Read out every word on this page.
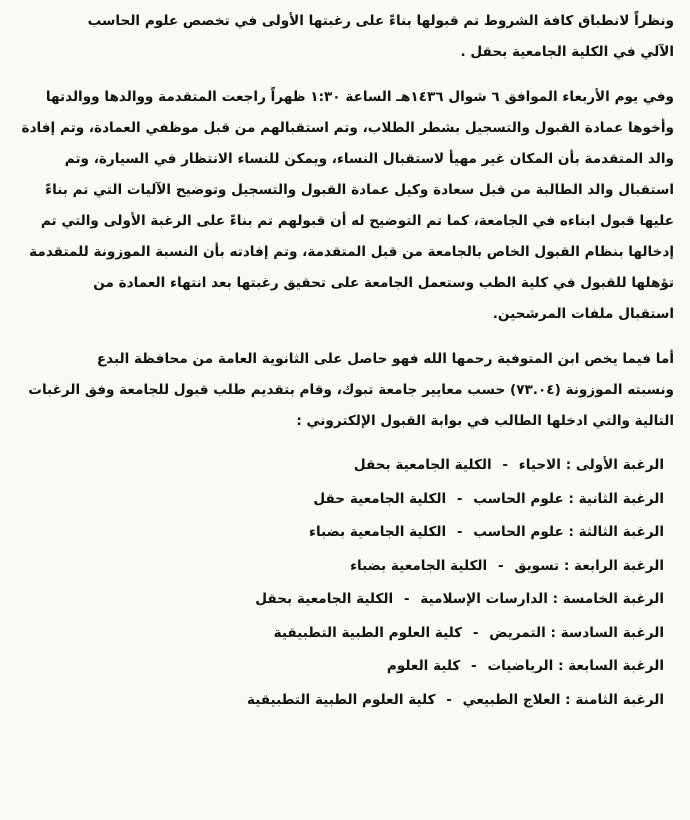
ونظراً لانطباق كافة الشروط تم قبولها بناءً على رغبتها الأولى في تخصص علوم الحاسب

الآلي في الكلية الجامعية بحقل .

وفي يوم الأربعاء الموافق ٦ شوال ١٤٣٦هـ الساعة ١:٣٠ ظهراً راجعت المتقدمة ووالدها ووالدتها

وأخوها عمادة القبول والتسجيل بشطر الطلاب، وتم استقبالهم من قبل موظفي العمادة، وتم إفادة

والد المتقدمة بأن المكان غير مهيأ لاستقبال النساء، ويمكن للنساء الانتظار في السيارة، وتم

استقبال والد الطالبة من قبل سعادة وكيل عمادة القبول والتسجيل وتوضيح الآليات التي تم بناءً

عليها قبول ابناءه في الجامعة، كما تم التوضيح له أن قبولهم تم بناءً على الرغبة الأولى والتي تم

إدخالها بنظام القبول الخاص بالجامعة من قبل المتقدمة، وتم إفادته بأن النسبة الموزونة للمتقدمة

تؤهلها للقبول في كلية الطب وستعمل الجامعة على تحقيق رغبتها بعد انتهاء العمادة من

استقبال ملفات المرشحين.

أما فيما يخص ابن المتوفية رحمها الله فهو حاصل على الثانوية العامة من محافظة البدع

ونسبته الموزونة (٧٣.٠٤) حسب معايير جامعة تبوك، وقام بتقديم طلب قبول للجامعة وفق الرغبات

التالية والتي ادخلها الطالب في بوابة القبول الإلكتروني :

الرغبة الأولى : الاحياء - الكلية الجامعية بحقل
الرغبة الثانية : علوم الحاسب - الكلية الجامعية حقل
الرغبة الثالثة : علوم الحاسب - الكلية الجامعية بضباء
الرغبة الرابعة : تسويق - الكلية الجامعية بضباء
الرغبة الخامسة : الدارسات الإسلامية - الكلية الجامعية بحقل
الرغبة السادسة : التمريض - كلية العلوم الطبية التطبيقية
الرغبة السابعة : الرياضيات - كلية العلوم
الرغبة الثامنة : العلاج الطبيعي - كلية العلوم الطبية التطبيقية
